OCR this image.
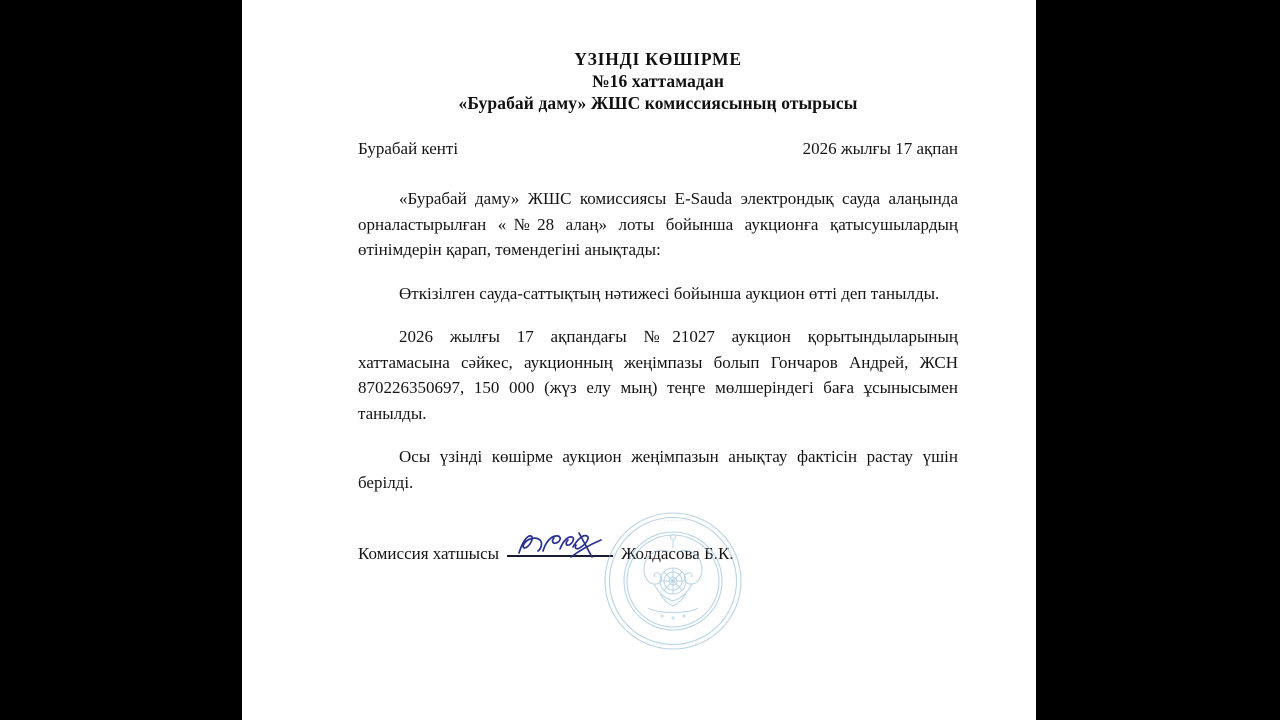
ҮЗІНДІ КӨШІРМЕ
№16 хаттамадан
«Бурабай даму» ЖШС комиссиясының отырысы
Бурабай кенті	2026 жылғы 17 ақпан

«Бурабай даму» ЖШС комиссиясы E-Sauda электрондық сауда алаңында орналастырылған «№28 алаң» лоты бойынша аукционға қатысушылардың өтінімдерін қарап, төмендегіні анықтады:

Өткізілген сауда-саттықтың нәтижесі бойынша аукцион өтті деп танылды.

2026 жылғы 17 ақпандағы №21027 аукцион қорытындыларының хаттамасына сәйкес, аукционның жеңімпазы болып Гончаров Андрей, ЖСН 870226350697, 150 000 (жүз елу мың) теңге мөлшеріндегі баға ұсынысымен танылды.

Осы үзінді көшірме аукцион жеңімпазын анықтау фактісін растау үшін берілді.

Комиссия хатшысы	Жолдасова Б.К.
• • • • • • • • • • • •
• • • • • • • • • • • • • • •
